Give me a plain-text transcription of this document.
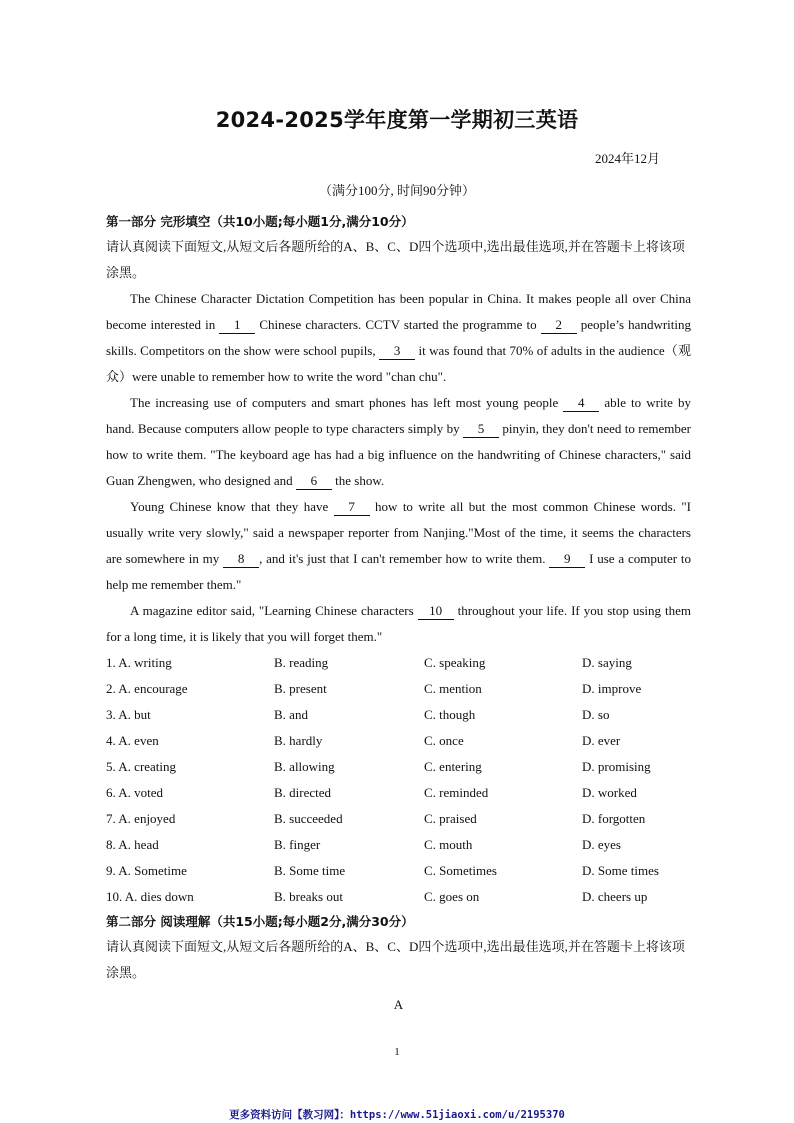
2024-2025学年度第一学期初三英语
2024年12月
（满分100分, 时间90分钟）
第一部分 完形填空（共10小题;每小题1分,满分10分）
请认真阅读下面短文,从短文后各题所给的A、B、C、D四个选项中,选出最佳选项,并在答题卡上将该项涂黑。
The Chinese Character Dictation Competition has been popular in China. It makes people all over China become interested in 1 Chinese characters. CCTV started the programme to 2 people’s handwriting skills. Competitors on the show were school pupils, 3 it was found that 70% of adults in the audience（观众）were unable to remember how to write the word "chan chu".
The increasing use of computers and smart phones has left most young people 4 able to write by hand. Because computers allow people to type characters simply by 5 pinyin, they don't need to remember how to write them. "The keyboard age has had a big influence on the handwriting of Chinese characters," said Guan Zhengwen, who designed and 6 the show.
Young Chinese know that they have 7 how to write all but the most common Chinese words. "I usually write very slowly," said a newspaper reporter from Nanjing."Most of the time, it seems the characters are somewhere in my 8 , and it's just that I can't remember how to write them. 9 I use a computer to help me remember them."
A magazine editor said, "Learning Chinese characters 10 throughout your life. If you stop using them for a long time, it is likely that you will forget them."
1. A. writing	B. reading	C. speaking	D. saying
2. A. encourage	B. present	C. mention	D. improve
3. A. but	B. and	C. though	D. so
4. A. even	B. hardly	C. once	D. ever
5. A. creating	B. allowing	C. entering	D. promising
6. A. voted	B. directed	C. reminded	D. worked
7. A. enjoyed	B. succeeded	C. praised	D. forgotten
8. A. head	B. finger	C. mouth	D. eyes
9. A. Sometime	B. Some time	C. Sometimes	D. Some times
10. A. dies down	B. breaks out	C. goes on	D. cheers up
第二部分 阅读理解（共15小题;每小题2分,满分30分）
请认真阅读下面短文,从短文后各题所给的A、B、C、D四个选项中,选出最佳选项,并在答题卡上将该项涂黑。
A
1
更多资料访问【教习网】：https://www.51jiaoxi.com/u/2195370
